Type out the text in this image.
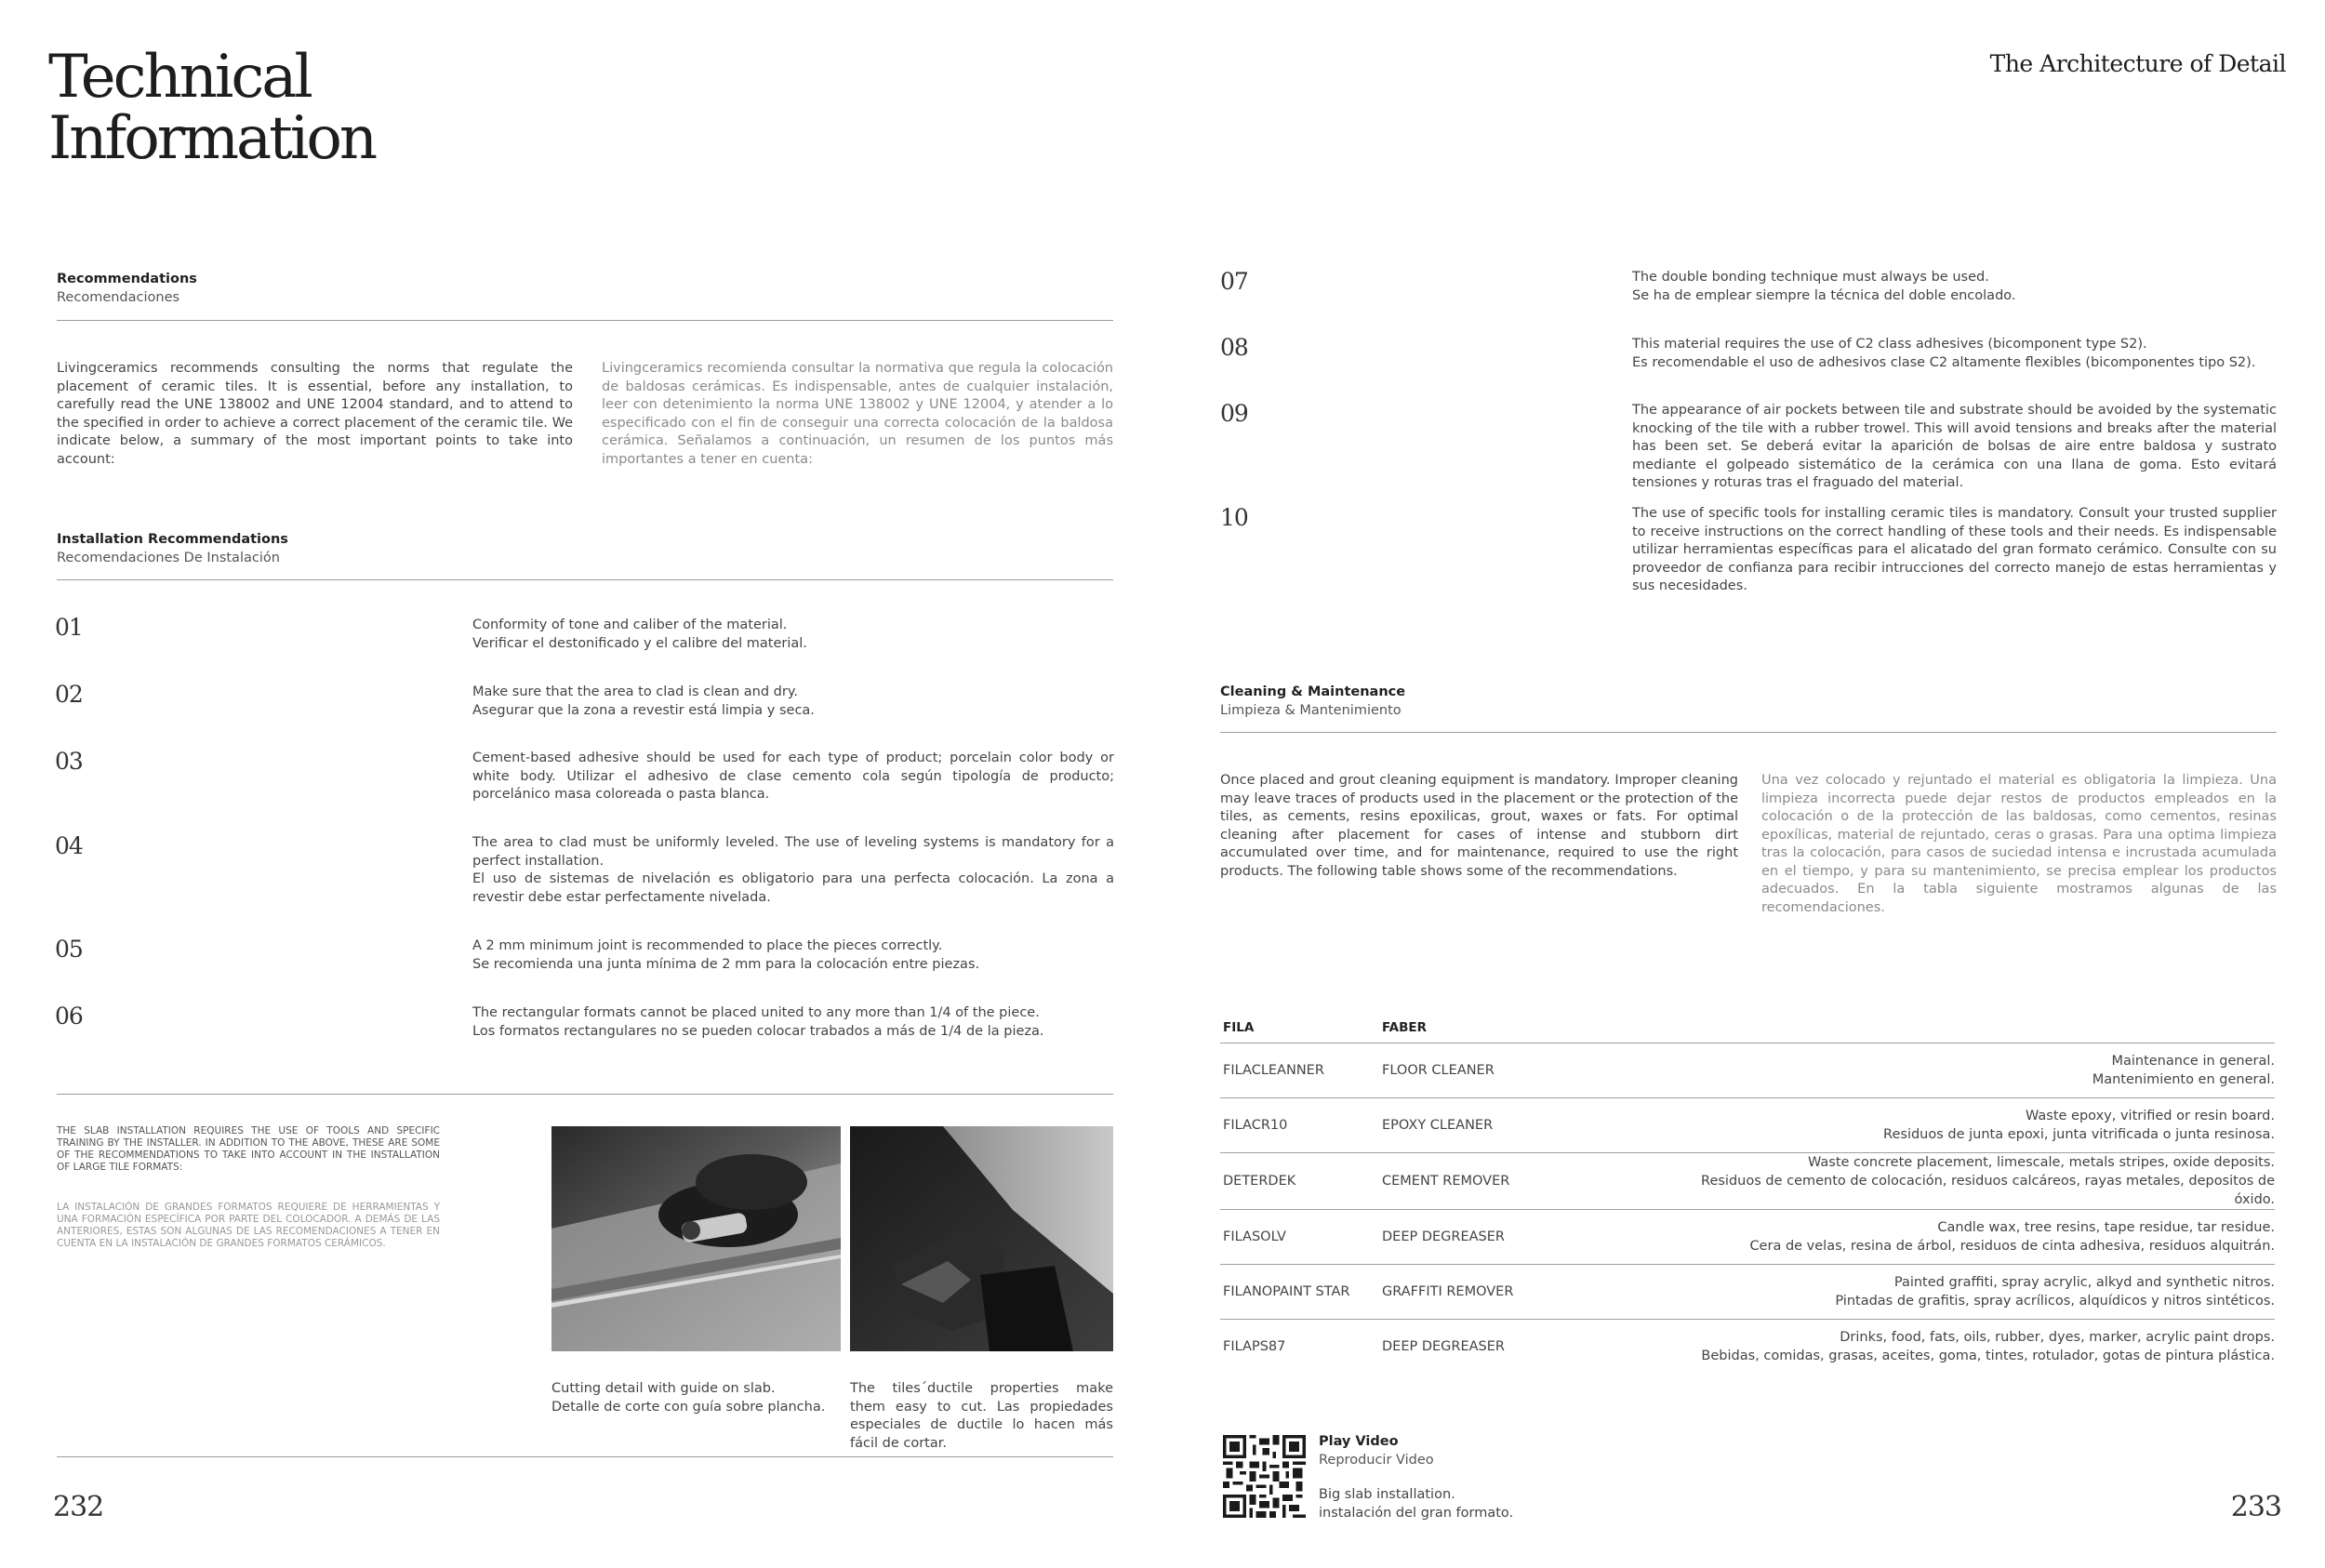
Technical
Information
The Architecture of Detail
Recommendations
Recomendaciones
Livingceramics recommends consulting the norms that regulate the placement of ceramic tiles. It is essential, before any installation, to carefully read the UNE 138002 and UNE 12004 standard, and to attend to the specified in order to achieve a correct placement of the ceramic tile. We indicate below, a summary of the most important points to take into account:
Livingceramics recomienda consultar la normativa que regula la colocación de baldosas cerámicas. Es indispensable, antes de cualquier instalación, leer con detenimiento la norma UNE 138002 y UNE 12004, y atender a lo especificado con el fin de conseguir una correcta colocación de la baldosa cerámica. Señalamos a continuación, un resumen de los puntos más importantes a tener en cuenta:
Installation Recommendations
Recomendaciones De Instalación
01	Conformity of tone and caliber of the material.
Verificar el destonificado y el calibre del material.
02	Make sure that the area to clad is clean and dry.
Asegurar que la zona a revestir está limpia y seca.
03	Cement-based adhesive should be used for each type of product; porcelain color body or white body. Utilizar el adhesivo de clase cemento cola según tipología de producto; porcelánico masa coloreada o pasta blanca.
04	The area to clad must be uniformly leveled. The use of leveling systems is mandatory for a perfect installation.
El uso de sistemas de nivelación es obligatorio para una perfecta colocación. La zona a revestir debe estar perfectamente nivelada.
05	A 2 mm minimum joint is recommended to place the pieces correctly.
Se recomienda una junta mínima de 2 mm para la colocación entre piezas.
06	The rectangular formats cannot be placed united to any more than 1/4 of the piece.
Los formatos rectangulares no se pueden colocar trabados a más de 1/4 de la pieza.
THE SLAB INSTALLATION REQUIRES THE USE OF TOOLS AND SPECIFIC TRAINING BY THE INSTALLER. IN ADDITION TO THE ABOVE, THESE ARE SOME OF THE RECOMMENDATIONS TO TAKE INTO ACCOUNT IN THE INSTALLATION OF LARGE TILE FORMATS:
LA INSTALACIÓN DE GRANDES FORMATOS REQUIERE DE HERRAMIENTAS Y UNA FORMACIÓN ESPECÍFICA POR PARTE DEL COLOCADOR. A DEMÁS DE LAS ANTERIORES, ESTAS SON ALGUNAS DE LAS RECOMENDACIONES A TENER EN CUENTA EN LA INSTALACIÓN DE GRANDES FORMATOS CERÁMICOS.
Cutting detail with guide on slab.
Detalle de corte con guía sobre plancha.
The tiles´ductile properties make them easy to cut. Las propiedades especiales de ductile lo hacen más fácil de cortar.
232
07	The double bonding technique must always be used.
Se ha de emplear siempre la técnica del doble encolado.
08	This material requires the use of C2 class adhesives (bicomponent type S2).
Es recomendable el uso de adhesivos clase C2 altamente flexibles (bicomponentes tipo S2).
09	The appearance of air pockets between tile and substrate should be avoided by the systematic knocking of the tile with a rubber trowel. This will avoid tensions and breaks after the material has been set. Se deberá evitar la aparición de bolsas de aire entre baldosa y sustrato mediante el golpeado sistemático de la cerámica con una llana de goma. Esto evitará tensiones y roturas tras el fraguado del material.
10	The use of specific tools for installing ceramic tiles is mandatory. Consult your trusted supplier to receive instructions on the correct handling of these tools and their needs. Es indispensable utilizar herramientas específicas para el alicatado del gran formato cerámico. Consulte con su proveedor de confianza para recibir intrucciones del correcto manejo de estas herramientas y sus necesidades.
Cleaning & Maintenance
Limpieza & Mantenimiento
Once placed and grout cleaning equipment is mandatory. Improper cleaning may leave traces of products used in the placement or the protection of the tiles, as cements, resins epoxilicas, grout, waxes or fats. For optimal cleaning after placement for cases of intense and stubborn dirt accumulated over time, and for maintenance, required to use the right products. The following table shows some of the recommendations.
Una vez colocado y rejuntado el material es obligatoria la limpieza. Una limpieza incorrecta puede dejar restos de productos empleados en la colocación o de la protección de las baldosas, como cementos, resinas epoxílicas, material de rejuntado, ceras o grasas. Para una optima limpieza tras la colocación, para casos de suciedad intensa e incrustada acumulada en el tiempo, y para su mantenimiento, se precisa emplear los productos adecuados. En la tabla siguiente mostramos algunas de las recomendaciones.
FILA	FABER	
FILACLEANNER	FLOOR CLEANER	Maintenance in general.
Mantenimiento en general.

FILACR10	EPOXY CLEANER	Waste epoxy, vitrified or resin board.
Residuos de junta epoxi, junta vitrificada o junta resinosa.

DETERDEK	CEMENT REMOVER	Waste concrete placement, limescale, metals stripes, oxide deposits.
Residuos de cemento de colocación, residuos calcáreos, rayas metales, depositos de óxido.

FILASOLV	DEEP DEGREASER	Candle wax, tree resins, tape residue, tar residue.
Cera de velas, resina de árbol, residuos de cinta adhesiva, residuos alquitrán.

FILANOPAINT STAR	GRAFFITI REMOVER	Painted graffiti, spray acrylic, alkyd and synthetic nitros.
Pintadas de grafitis, spray acrílicos, alquídicos y nitros sintéticos.

FILAPS87	DEEP DEGREASER	Drinks, food, fats, oils, rubber, dyes, marker, acrylic paint drops.
Bebidas, comidas, grasas, aceites, goma, tintes, rotulador, gotas de pintura plástica.
Play Video
Reproducir Video
Big slab installation.
instalación del gran formato.	233
